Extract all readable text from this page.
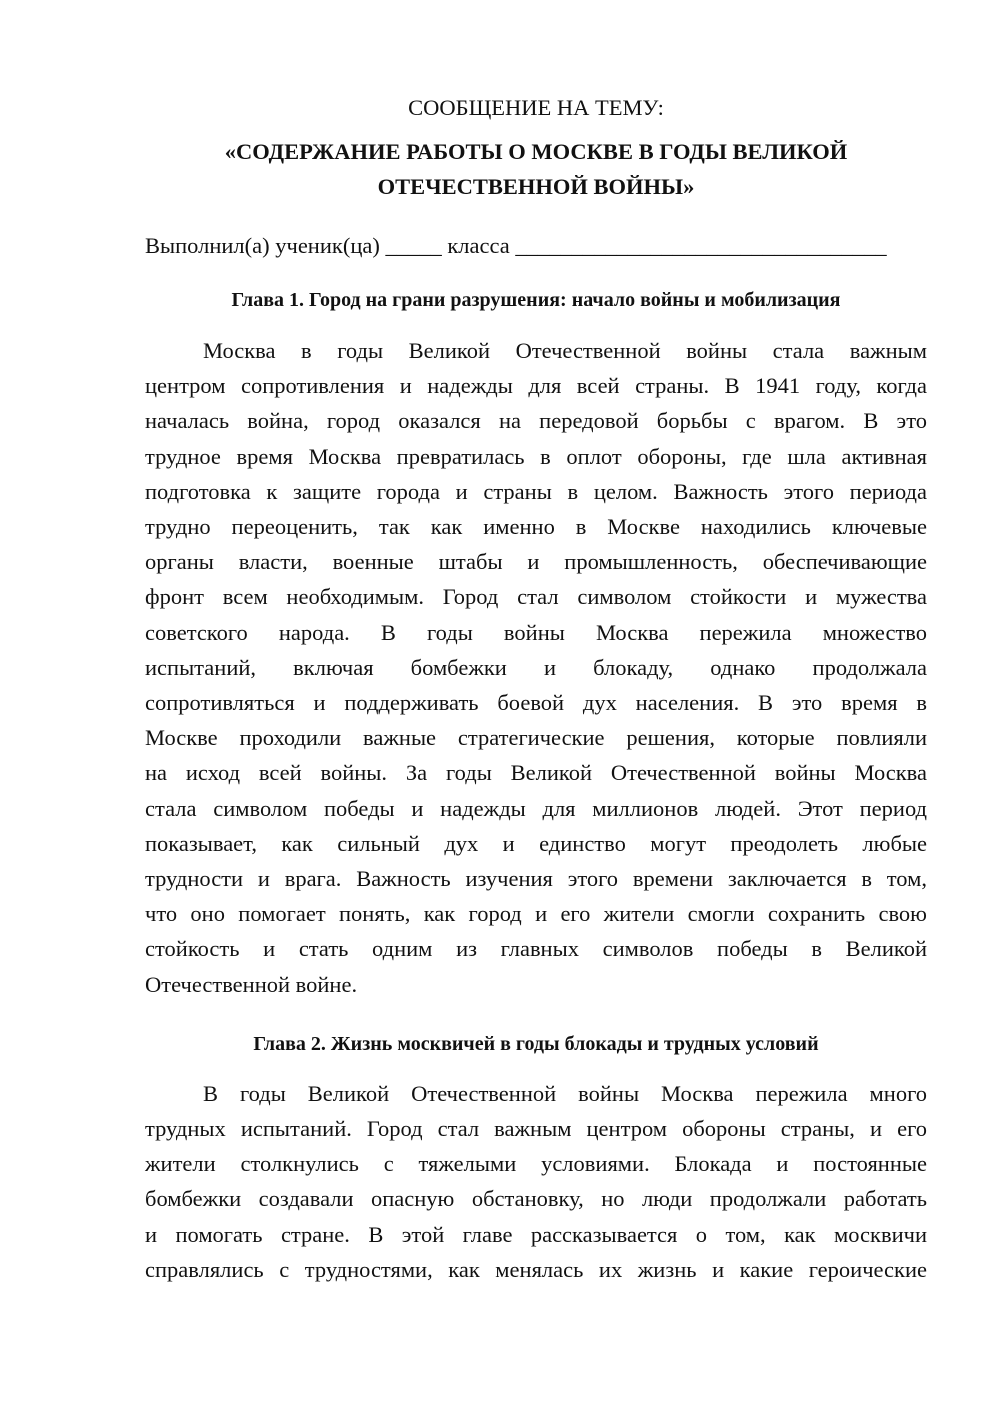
СООБЩЕНИЕ НА ТЕМУ:

«СОДЕРЖАНИЕ РАБОТЫ О МОСКВЕ В ГОДЫ ВЕЛИКОЙ
ОТЕЧЕСТВЕННОЙ ВОЙНЫ»
Выполнил(а) ученик(ца) _____ класса _________________________________
Глава 1. Город на грани разрушения: начало войны и мобилизация

Москва в годы Великой Отечественной войны стала важным
центром сопротивления и надежды для всей страны. В 1941 году, когда
началась война, город оказался на передовой борьбы с врагом. В это
трудное время Москва превратилась в оплот обороны, где шла активная
подготовка к защите города и страны в целом. Важность этого периода
трудно переоценить, так как именно в Москве находились ключевые
органы власти, военные штабы и промышленность, обеспечивающие
фронт всем необходимым. Город стал символом стойкости и мужества
советского народа. В годы войны Москва пережила множество
испытаний, включая бомбежки и блокаду, однако продолжала
сопротивляться и поддерживать боевой дух населения. В это время в
Москве проходили важные стратегические решения, которые повлияли
на исход всей войны. За годы Великой Отечественной войны Москва
стала символом победы и надежды для миллионов людей. Этот период
показывает, как сильный дух и единство могут преодолеть любые
трудности и врага. Важность изучения этого времени заключается в том,
что оно помогает понять, как город и его жители смогли сохранить свою
стойкость и стать одним из главных символов победы в Великой
Отечественной войне.

Глава 2. Жизнь москвичей в годы блокады и трудных условий

В годы Великой Отечественной войны Москва пережила много
трудных испытаний. Город стал важным центром обороны страны, и его
жители столкнулись с тяжелыми условиями. Блокада и постоянные
бомбежки создавали опасную обстановку, но люди продолжали работать
и помогать стране. В этой главе рассказывается о том, как москвичи
справлялись с трудностями, как менялась их жизнь и какие героические
